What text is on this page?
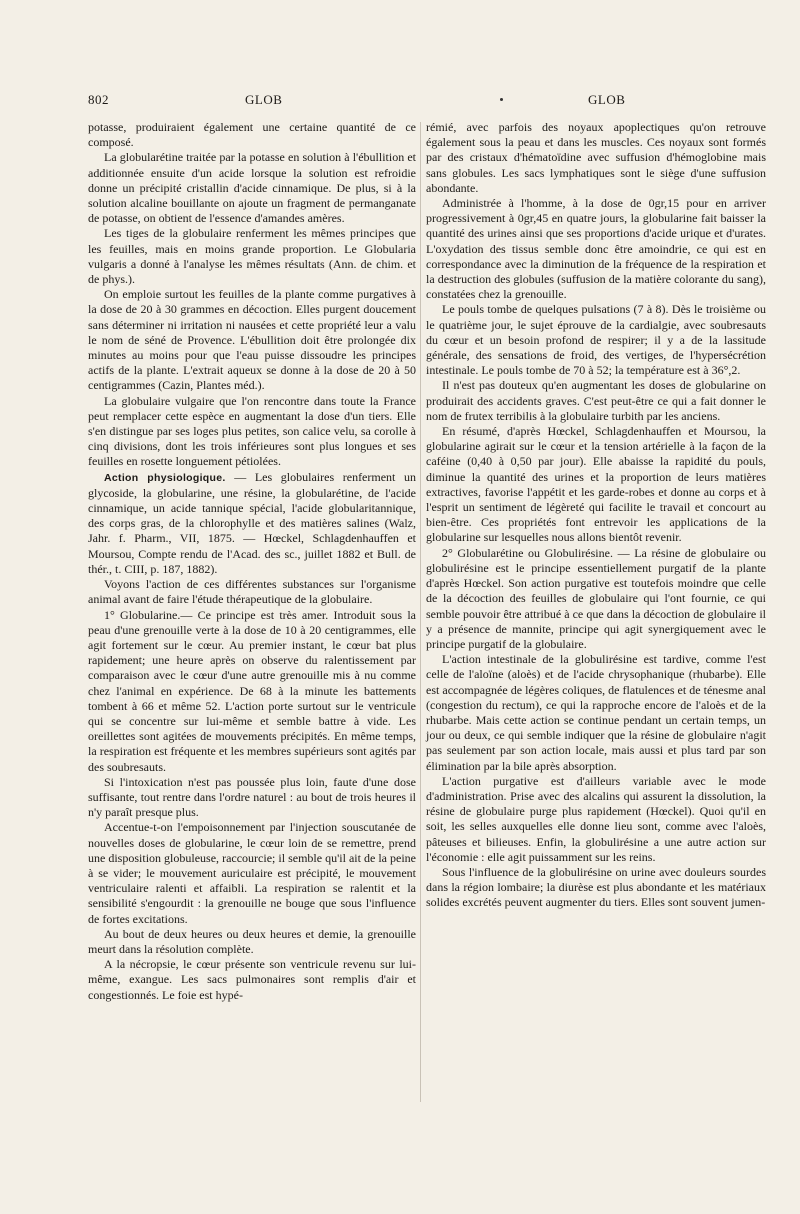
802	GLOB	GLOB

potasse, produiraient également une certaine quantité de ce composé.

La globularétine traitée par la potasse en solution à l'ébullition et additionnée ensuite d'un acide lorsque la solution est refroidie donne un précipité cristallin d'acide cinnamique. De plus, si à la solution alcaline bouillante on ajoute un fragment de permanganate de potasse, on obtient de l'essence d'amandes amères.

Les tiges de la globulaire renferment les mêmes principes que les feuilles, mais en moins grande proportion. Le Globularia vulgaris a donné à l'analyse les mêmes résultats (Ann. de chim. et de phys.).

On emploie surtout les feuilles de la plante comme purgatives à la dose de 20 à 30 grammes en décoction. Elles purgent doucement sans déterminer ni irritation ni nausées et cette propriété leur a valu le nom de séné de Provence. L'ébullition doit être prolongée dix minutes au moins pour que l'eau puisse dissoudre les principes actifs de la plante. L'extrait aqueux se donne à la dose de 20 à 50 centigrammes (Cazin, Plantes méd.).

La globulaire vulgaire que l'on rencontre dans toute la France peut remplacer cette espèce en augmentant la dose d'un tiers. Elle s'en distingue par ses loges plus petites, son calice velu, sa corolle à cinq divisions, dont les trois inférieures sont plus longues et ses feuilles en rosette longuement pétiolées.

Action physiologique. — Les globulaires renferment un glycoside, la globularine, une résine, la globularétine, de l'acide cinnamique, un acide tannique spécial, l'acide globularitannique, des corps gras, de la chlorophylle et des matières salines (Walz, Jahr. f. Pharm., VII, 1875. — Hœckel, Schlagdenhauffen et Moursou, Compte rendu de l'Acad. des sc., juillet 1882 et Bull. de thér., t. CIII, p. 187, 1882).

Voyons l'action de ces différentes substances sur l'organisme animal avant de faire l'étude thérapeutique de la globulaire.

1° Globularine.— Ce principe est très amer. Introduit sous la peau d'une grenouille verte à la dose de 10 à 20 centigrammes, elle agit fortement sur le cœur. Au premier instant, le cœur bat plus rapidement; une heure après on observe du ralentissement par comparaison avec le cœur d'une autre grenouille mis à nu comme chez l'animal en expérience. De 68 à la minute les battements tombent à 66 et même 52. L'action porte surtout sur le ventricule qui se concentre sur lui-même et semble battre à vide. Les oreillettes sont agitées de mouvements précipités. En même temps, la respiration est fréquente et les membres supérieurs sont agités par des soubresauts.

Si l'intoxication n'est pas poussée plus loin, faute d'une dose suffisante, tout rentre dans l'ordre naturel : au bout de trois heures il n'y paraît presque plus.

Accentue-t-on l'empoisonnement par l'injection souscutanée de nouvelles doses de globularine, le cœur loin de se remettre, prend une disposition globuleuse, raccourcie; il semble qu'il ait de la peine à se vider; le mouvement auriculaire est précipité, le mouvement ventriculaire ralenti et affaibli. La respiration se ralentit et la sensibilité s'engourdit : la grenouille ne bouge que sous l'influence de fortes excitations.

Au bout de deux heures ou deux heures et demie, la grenouille meurt dans la résolution complète.

A la nécropsie, le cœur présente son ventricule revenu sur lui-même, exangue. Les sacs pulmonaires sont remplis d'air et congestionnés. Le foie est hypé-

rémié, avec parfois des noyaux apoplectiques qu'on retrouve également sous la peau et dans les muscles. Ces noyaux sont formés par des cristaux d'hématoïdine avec suffusion d'hémoglobine mais sans globules. Les sacs lymphatiques sont le siège d'une suffusion abondante.

Administrée à l'homme, à la dose de 0gr,15 pour en arriver progressivement à 0gr,45 en quatre jours, la globularine fait baisser la quantité des urines ainsi que ses proportions d'acide urique et d'urates. L'oxydation des tissus semble donc être amoindrie, ce qui est en correspondance avec la diminution de la fréquence de la respiration et la destruction des globules (suffusion de la matière colorante du sang), constatées chez la grenouille.

Le pouls tombe de quelques pulsations (7 à 8). Dès le troisième ou le quatrième jour, le sujet éprouve de la cardialgie, avec soubresauts du cœur et un besoin profond de respirer; il y a de la lassitude générale, des sensations de froid, des vertiges, de l'hypersécrétion intestinale. Le pouls tombe de 70 à 52; la température est à 36°,2.

Il n'est pas douteux qu'en augmentant les doses de globularine on produirait des accidents graves. C'est peut-être ce qui a fait donner le nom de frutex terribilis à la globulaire turbith par les anciens.

En résumé, d'après Hœckel, Schlagdenhauffen et Moursou, la globularine agirait sur le cœur et la tension artérielle à la façon de la caféine (0,40 à 0,50 par jour). Elle abaisse la rapidité du pouls, diminue la quantité des urines et la proportion de leurs matières extractives, favorise l'appétit et les garde-robes et donne au corps et à l'esprit un sentiment de légèreté qui facilite le travail et concourt au bien-être. Ces propriétés font entrevoir les applications de la globularine sur lesquelles nous allons bientôt revenir.

2° Globularétine ou Globulirésine. — La résine de globulaire ou globulirésine est le principe essentiellement purgatif de la plante d'après Hœckel. Son action purgative est toutefois moindre que celle de la décoction des feuilles de globulaire qui l'ont fournie, ce qui semble pouvoir être attribué à ce que dans la décoction de globulaire il y a présence de mannite, principe qui agit synergiquement avec le principe purgatif de la globulaire.

L'action intestinale de la globulirésine est tardive, comme l'est celle de l'aloïne (aloès) et de l'acide chrysophanique (rhubarbe). Elle est accompagnée de légères coliques, de flatulences et de ténesme anal (congestion du rectum), ce qui la rapproche encore de l'aloès et de la rhubarbe. Mais cette action se continue pendant un certain temps, un jour ou deux, ce qui semble indiquer que la résine de globulaire n'agit pas seulement par son action locale, mais aussi et plus tard par son élimination par la bile après absorption.

L'action purgative est d'ailleurs variable avec le mode d'administration. Prise avec des alcalins qui assurent la dissolution, la résine de globulaire purge plus rapidement (Hœckel). Quoi qu'il en soit, les selles auxquelles elle donne lieu sont, comme avec l'aloès, pâteuses et bilieuses. Enfin, la globulirésine a une autre action sur l'économie : elle agit puissamment sur les reins.

Sous l'influence de la globulirésine on urine avec douleurs sourdes dans la région lombaire; la diurèse est plus abondante et les matériaux solides excrétés peuvent augmenter du tiers. Elles sont souvent jumen-
